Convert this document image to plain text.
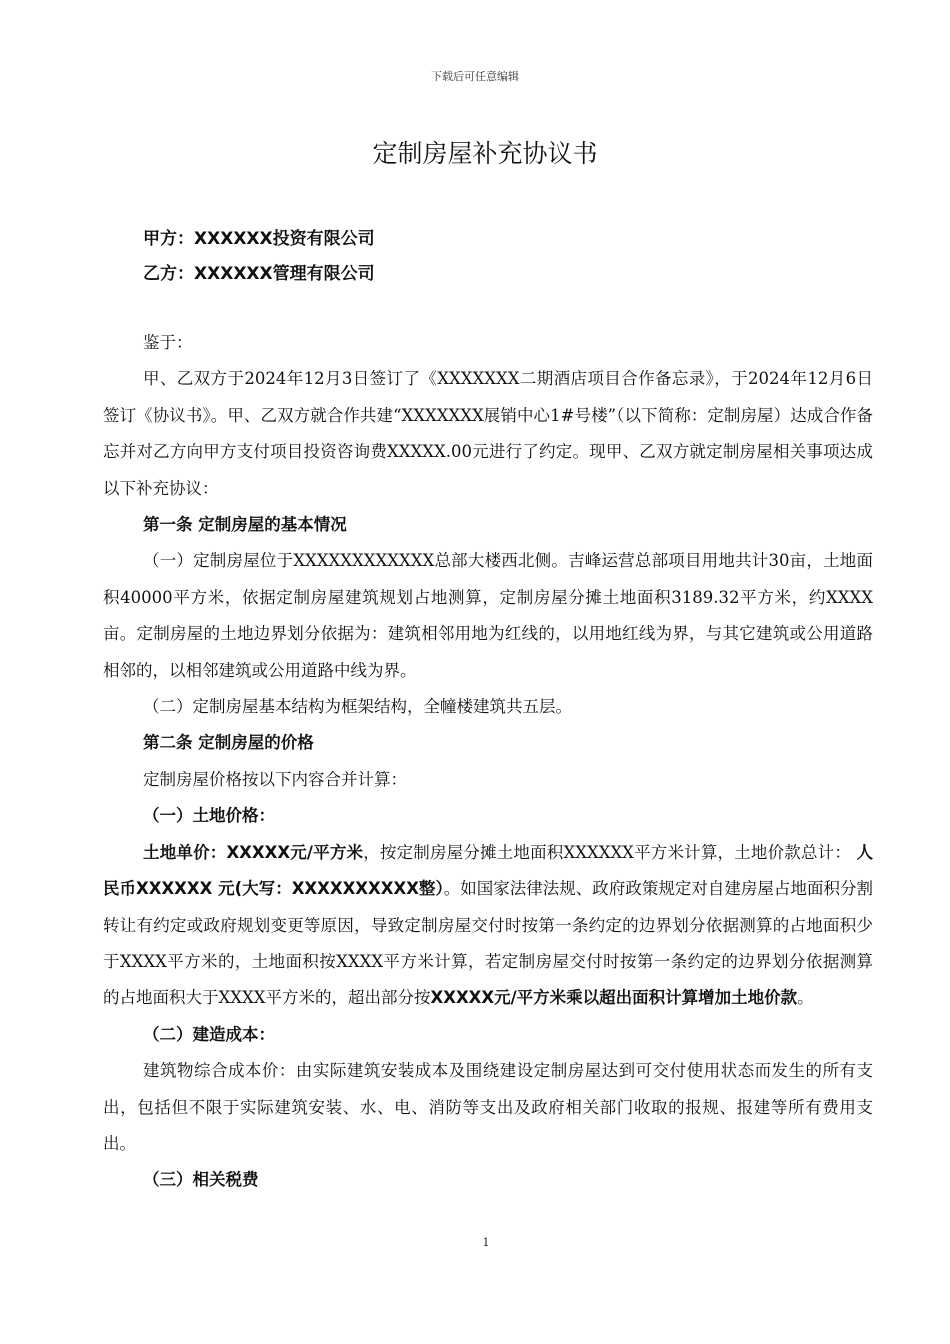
下载后可任意编辑
定制房屋补充协议书
甲方：XXXXXX投资有限公司
乙方：XXXXXX管理有限公司

鉴于：

甲、乙双方于2024年12月3日签订了《XXXXXXX二期酒店项目合作备忘录》，于2024年12月6日签订《协议书》。甲、乙双方就合作共建“XXXXXXX展销中心1#号楼”（以下简称：定制房屋）达成合作备忘并对乙方向甲方支付项目投资咨询费XXXXX.00元进行了约定。现甲、乙双方就定制房屋相关事项达成以下补充协议：

第一条 定制房屋的基本情况

（一）定制房屋位于XXXXXXXXXXXX总部大楼西北侧。吉峰运营总部项目用地共计30亩，土地面积40000平方米，依据定制房屋建筑规划占地测算，定制房屋分摊土地面积3189.32平方米，约XXXX亩。定制房屋的土地边界划分依据为：建筑相邻用地为红线的，以用地红线为界，与其它建筑或公用道路相邻的，以相邻建筑或公用道路中线为界。

（二）定制房屋基本结构为框架结构，全幢楼建筑共五层。

第二条 定制房屋的价格

定制房屋价格按以下内容合并计算：

（一）土地价格：

土地单价：XXXXX元/平方米，按定制房屋分摊土地面积XXXXXX平方米计算，土地价款总计： 人民币XXXXXX 元(大写：XXXXXXXXXX整）。如国家法律法规、政府政策规定对自建房屋占地面积分割转让有约定或政府规划变更等原因，导致定制房屋交付时按第一条约定的边界划分依据测算的占地面积少于XXXX平方米的，土地面积按XXXX平方米计算，若定制房屋交付时按第一条约定的边界划分依据测算的占地面积大于XXXX平方米的，超出部分按XXXXX元/平方米乘以超出面积计算增加土地价款。

（二）建造成本：

建筑物综合成本价：由实际建筑安装成本及围绕建设定制房屋达到可交付使用状态而发生的所有支出，包括但不限于实际建筑安装、水、电、消防等支出及政府相关部门收取的报规、报建等所有费用支出。

（三）相关税费

1
